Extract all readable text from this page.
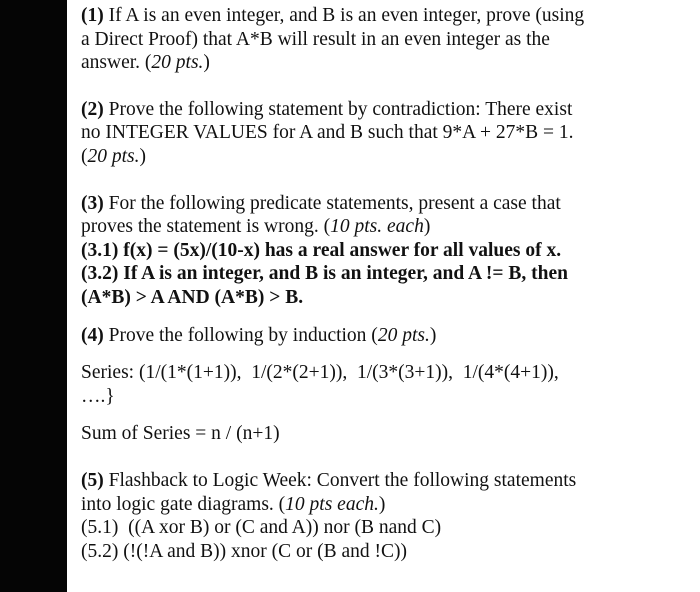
(1) If A is an even integer, and B is an even integer, prove (using
a Direct Proof) that A*B will result in an even integer as the
answer. (20 pts.)
(2) Prove the following statement by contradiction: There exist
no INTEGER VALUES for A and B such that 9*A + 27*B = 1.
(20 pts.)
(3) For the following predicate statements, present a case that
proves the statement is wrong. (10 pts. each)
(3.1) f(x) = (5x)/(10-x) has a real answer for all values of x.
(3.2) If A is an integer, and B is an integer, and A != B, then
(A*B) > A AND (A*B) > B.
(4) Prove the following by induction (20 pts.)
Series: (1/(1*(1+1)),  1/(2*(2+1)),  1/(3*(3+1)),  1/(4*(4+1)),
….}
Sum of Series = n / (n+1)
(5) Flashback to Logic Week: Convert the following statements
into logic gate diagrams. (10 pts each.)
(5.1)  ((A xor B) or (C and A)) nor (B nand C)
(5.2) (!(!A and B)) xnor (C or (B and !C))
